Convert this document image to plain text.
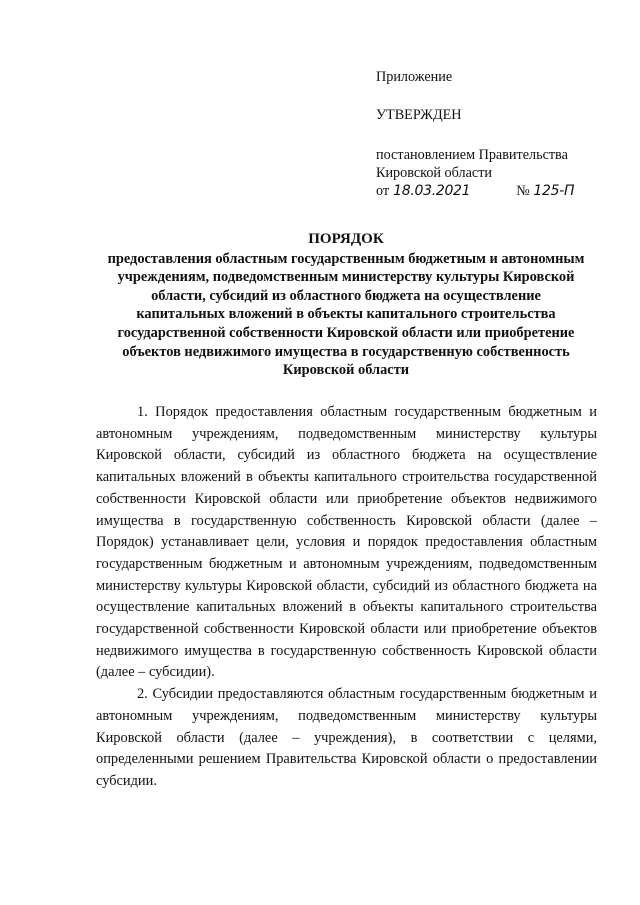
Приложение
УТВЕРЖДЕН
постановлением Правительства
Кировской области
от 18.03.2021	№ 125-П
ПОРЯДОК
предоставления областным государственным бюджетным и автономным
учреждениям, подведомственным министерству культуры Кировской
области, субсидий из областного бюджета на осуществление
капитальных вложений в объекты капитального строительства
государственной собственности Кировской области или приобретение
объектов недвижимого имущества в государственную собственность
Кировской области

1. Порядок предоставления областным государственным бюджетным и автономным учреждениям, подведомственным министерству культуры Кировской области, субсидий из областного бюджета на осуществление капитальных вложений в объекты капитального строительства государственной собственности Кировской области или приобретение объектов недвижимого имущества в государственную собственность Кировской области (далее – Порядок) устанавливает цели, условия и порядок предоставления областным государственным бюджетным и автономным учреждениям, подведомственным министерству культуры Кировской области, субсидий из областного бюджета на осуществление капитальных вложений в объекты капитального строительства государственной собственности Кировской области или приобретение объектов недвижимого имущества в государственную собственность Кировской области (далее – субсидии).

2. Субсидии предоставляются областным государственным бюджетным и автономным учреждениям, подведомственным министерству культуры Кировской области (далее – учреждения), в соответствии с целями, определенными решением Правительства Кировской области о предоставлении субсидии.
